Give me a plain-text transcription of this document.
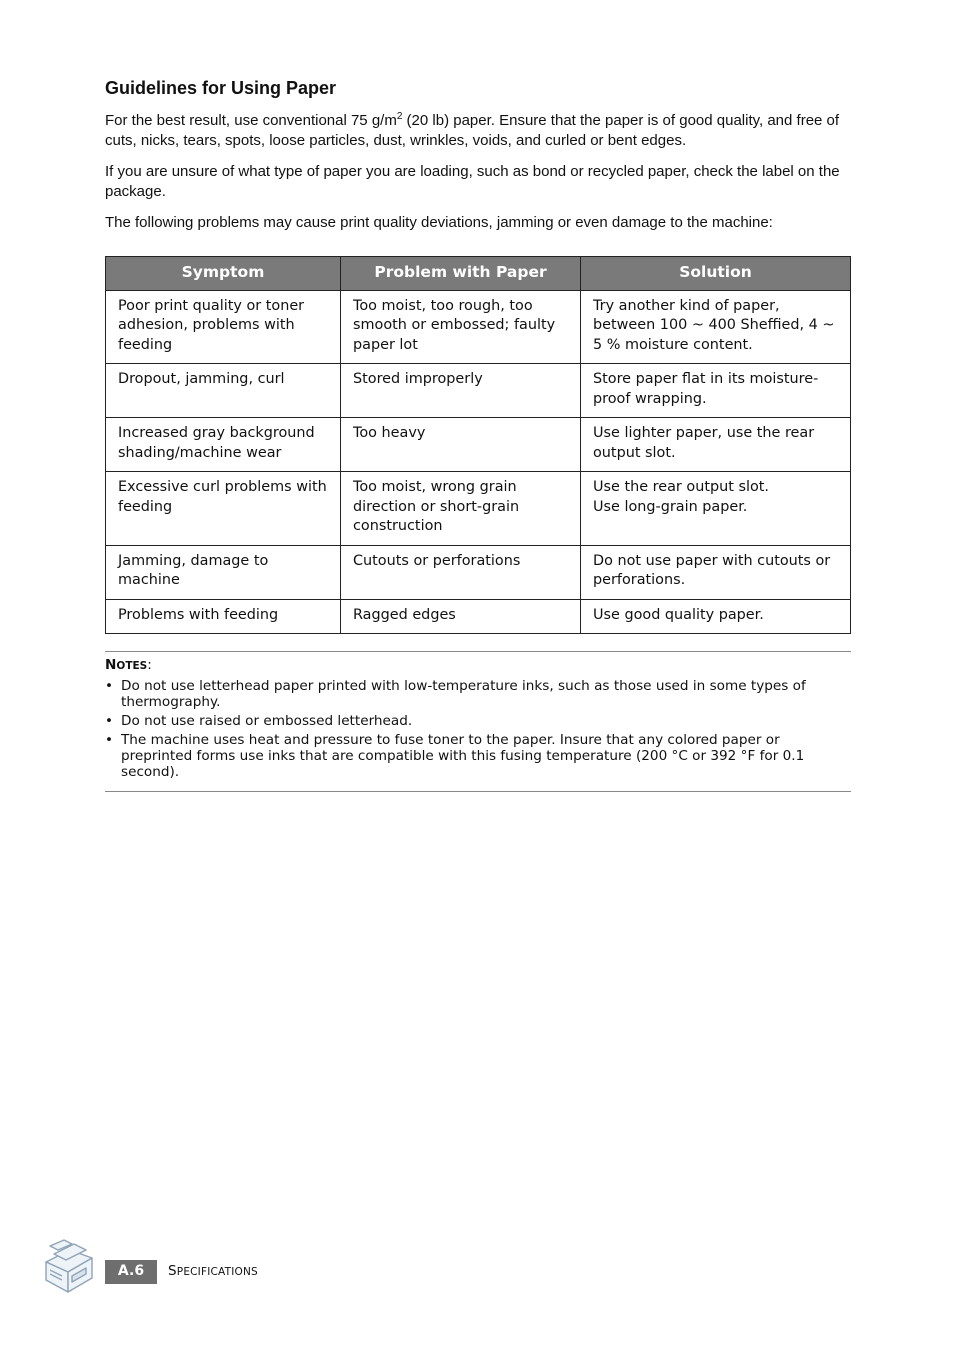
Guidelines for Using Paper

For the best result, use conventional 75 $g/m^2$ (20 lb) paper. Ensure that the paper is of good quality, and free of cuts, nicks, tears, spots, loose particles, dust, wrinkles, voids, and curled or bent edges.

If you are unsure of what type of paper you are loading, such as bond or recycled paper, check the label on the package.

The following problems may cause print quality deviations, jamming or even damage to the machine:

Symptom	Problem with Paper	Solution
Poor print quality or toner adhesion, problems with feeding	Too moist, too rough, too smooth or embossed; faulty paper lot	Try another kind of paper, between 100 ~ 400 Sheffied, 4 ~ 5 % moisture content.

Dropout, jamming, curl	Stored improperly	Store paper flat in its moisture-proof wrapping.

Increased gray background shading/machine wear	Too heavy	Use lighter paper, use the rear output slot.

Excessive curl problems with feeding	Too moist, wrong grain direction or short-grain construction	Use the rear output slot.
Use long-grain paper.

Jamming, damage to machine	Cutouts or perforations	Do not use paper with cutouts or perforations.

Problems with feeding	Ragged edges	Use good quality paper.
NOTES:
• Do not use letterhead paper printed with low-temperature inks, such as those used in some types of thermography.
• Do not use raised or embossed letterhead.
• The machine uses heat and pressure to fuse toner to the paper. Insure that any colored paper or preprinted forms use inks that are compatible with this fusing temperature (200 °C or 392 °F for 0.1 second).
A.6	SPECIFICATIONS
